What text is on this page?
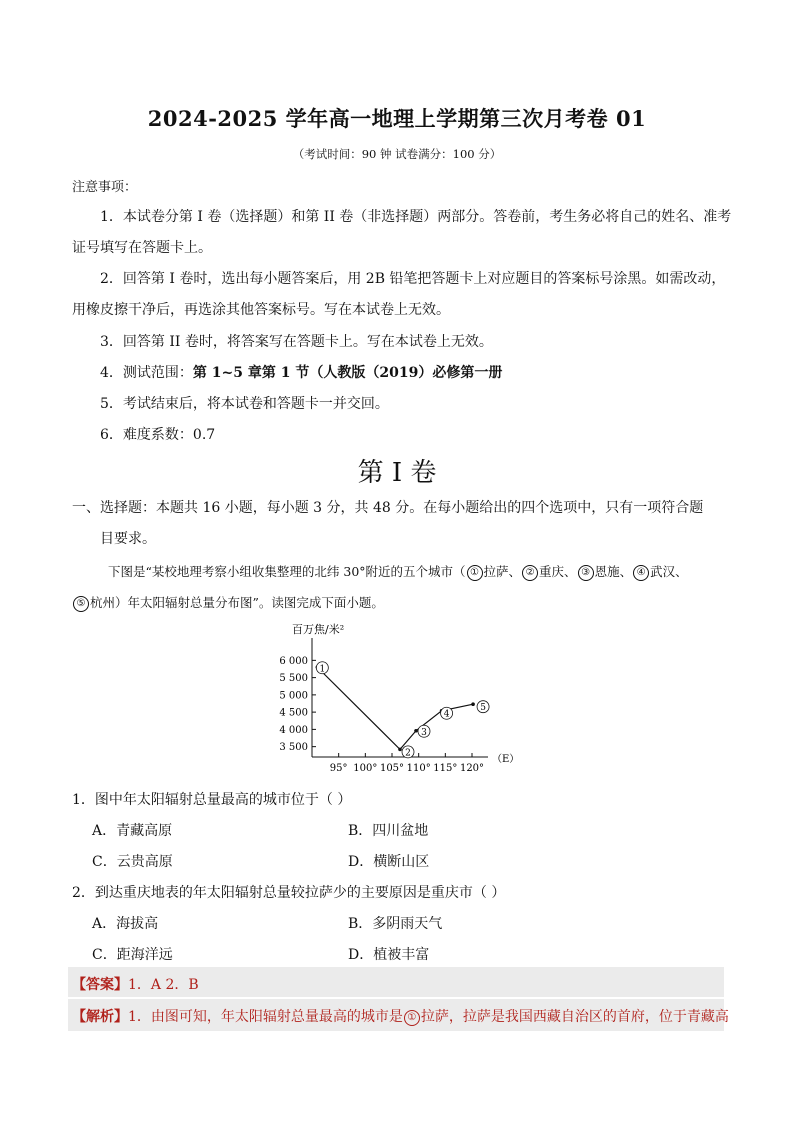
2024-2025 学年高一地理上学期第三次月考卷 01
（考试时间：90 钟 试卷满分：100 分）
注意事项：
1．本试卷分第 I 卷（选择题）和第 II 卷（非选择题）两部分。答卷前，考生务必将自己的姓名、准考
证号填写在答题卡上。
2．回答第 I 卷时，选出每小题答案后，用 2B 铅笔把答题卡上对应题目的答案标号涂黑。如需改动，
用橡皮擦干净后，再选涂其他答案标号。写在本试卷上无效。
3．回答第 II 卷时，将答案写在答题卡上。写在本试卷上无效。
4．测试范围：第 1~5 章第 1 节（人教版（2019）必修第一册
5．考试结束后，将本试卷和答题卡一并交回。
6．难度系数：0.7
第 I 卷
一、选择题：本题共 16 小题，每小题 3 分，共 48 分。在每小题给出的四个选项中，只有一项符合题
目要求。
下图是“某校地理考察小组收集整理的北纬 30°附近的五个城市（ ① 拉萨、 ② 重庆、 ③ 恩施、 ④ 武汉、
⑤ 杭州）年太阳辐射总量分布图”。读图完成下面小题。
百万焦/米²
3 500
4 000
4 500
5 000
5 500
6 000
95° 100° 105° 110° 115° 120°
（E）
1
2
3
4
5
1．图中年太阳辐射总量最高的城市位于（ ）
A．青藏高原	B．四川盆地
C．云贵高原	D．横断山区
2．到达重庆地表的年太阳辐射总量较拉萨少的主要原因是重庆市（ ）
A．海拔高	B．多阴雨天气
C．距海洋远	D．植被丰富
【答案】1．A 2．B
【解析】1．由图可知，年太阳辐射总量最高的城市是 ① 拉萨，拉萨是我国西藏自治区的首府，位于青藏高
